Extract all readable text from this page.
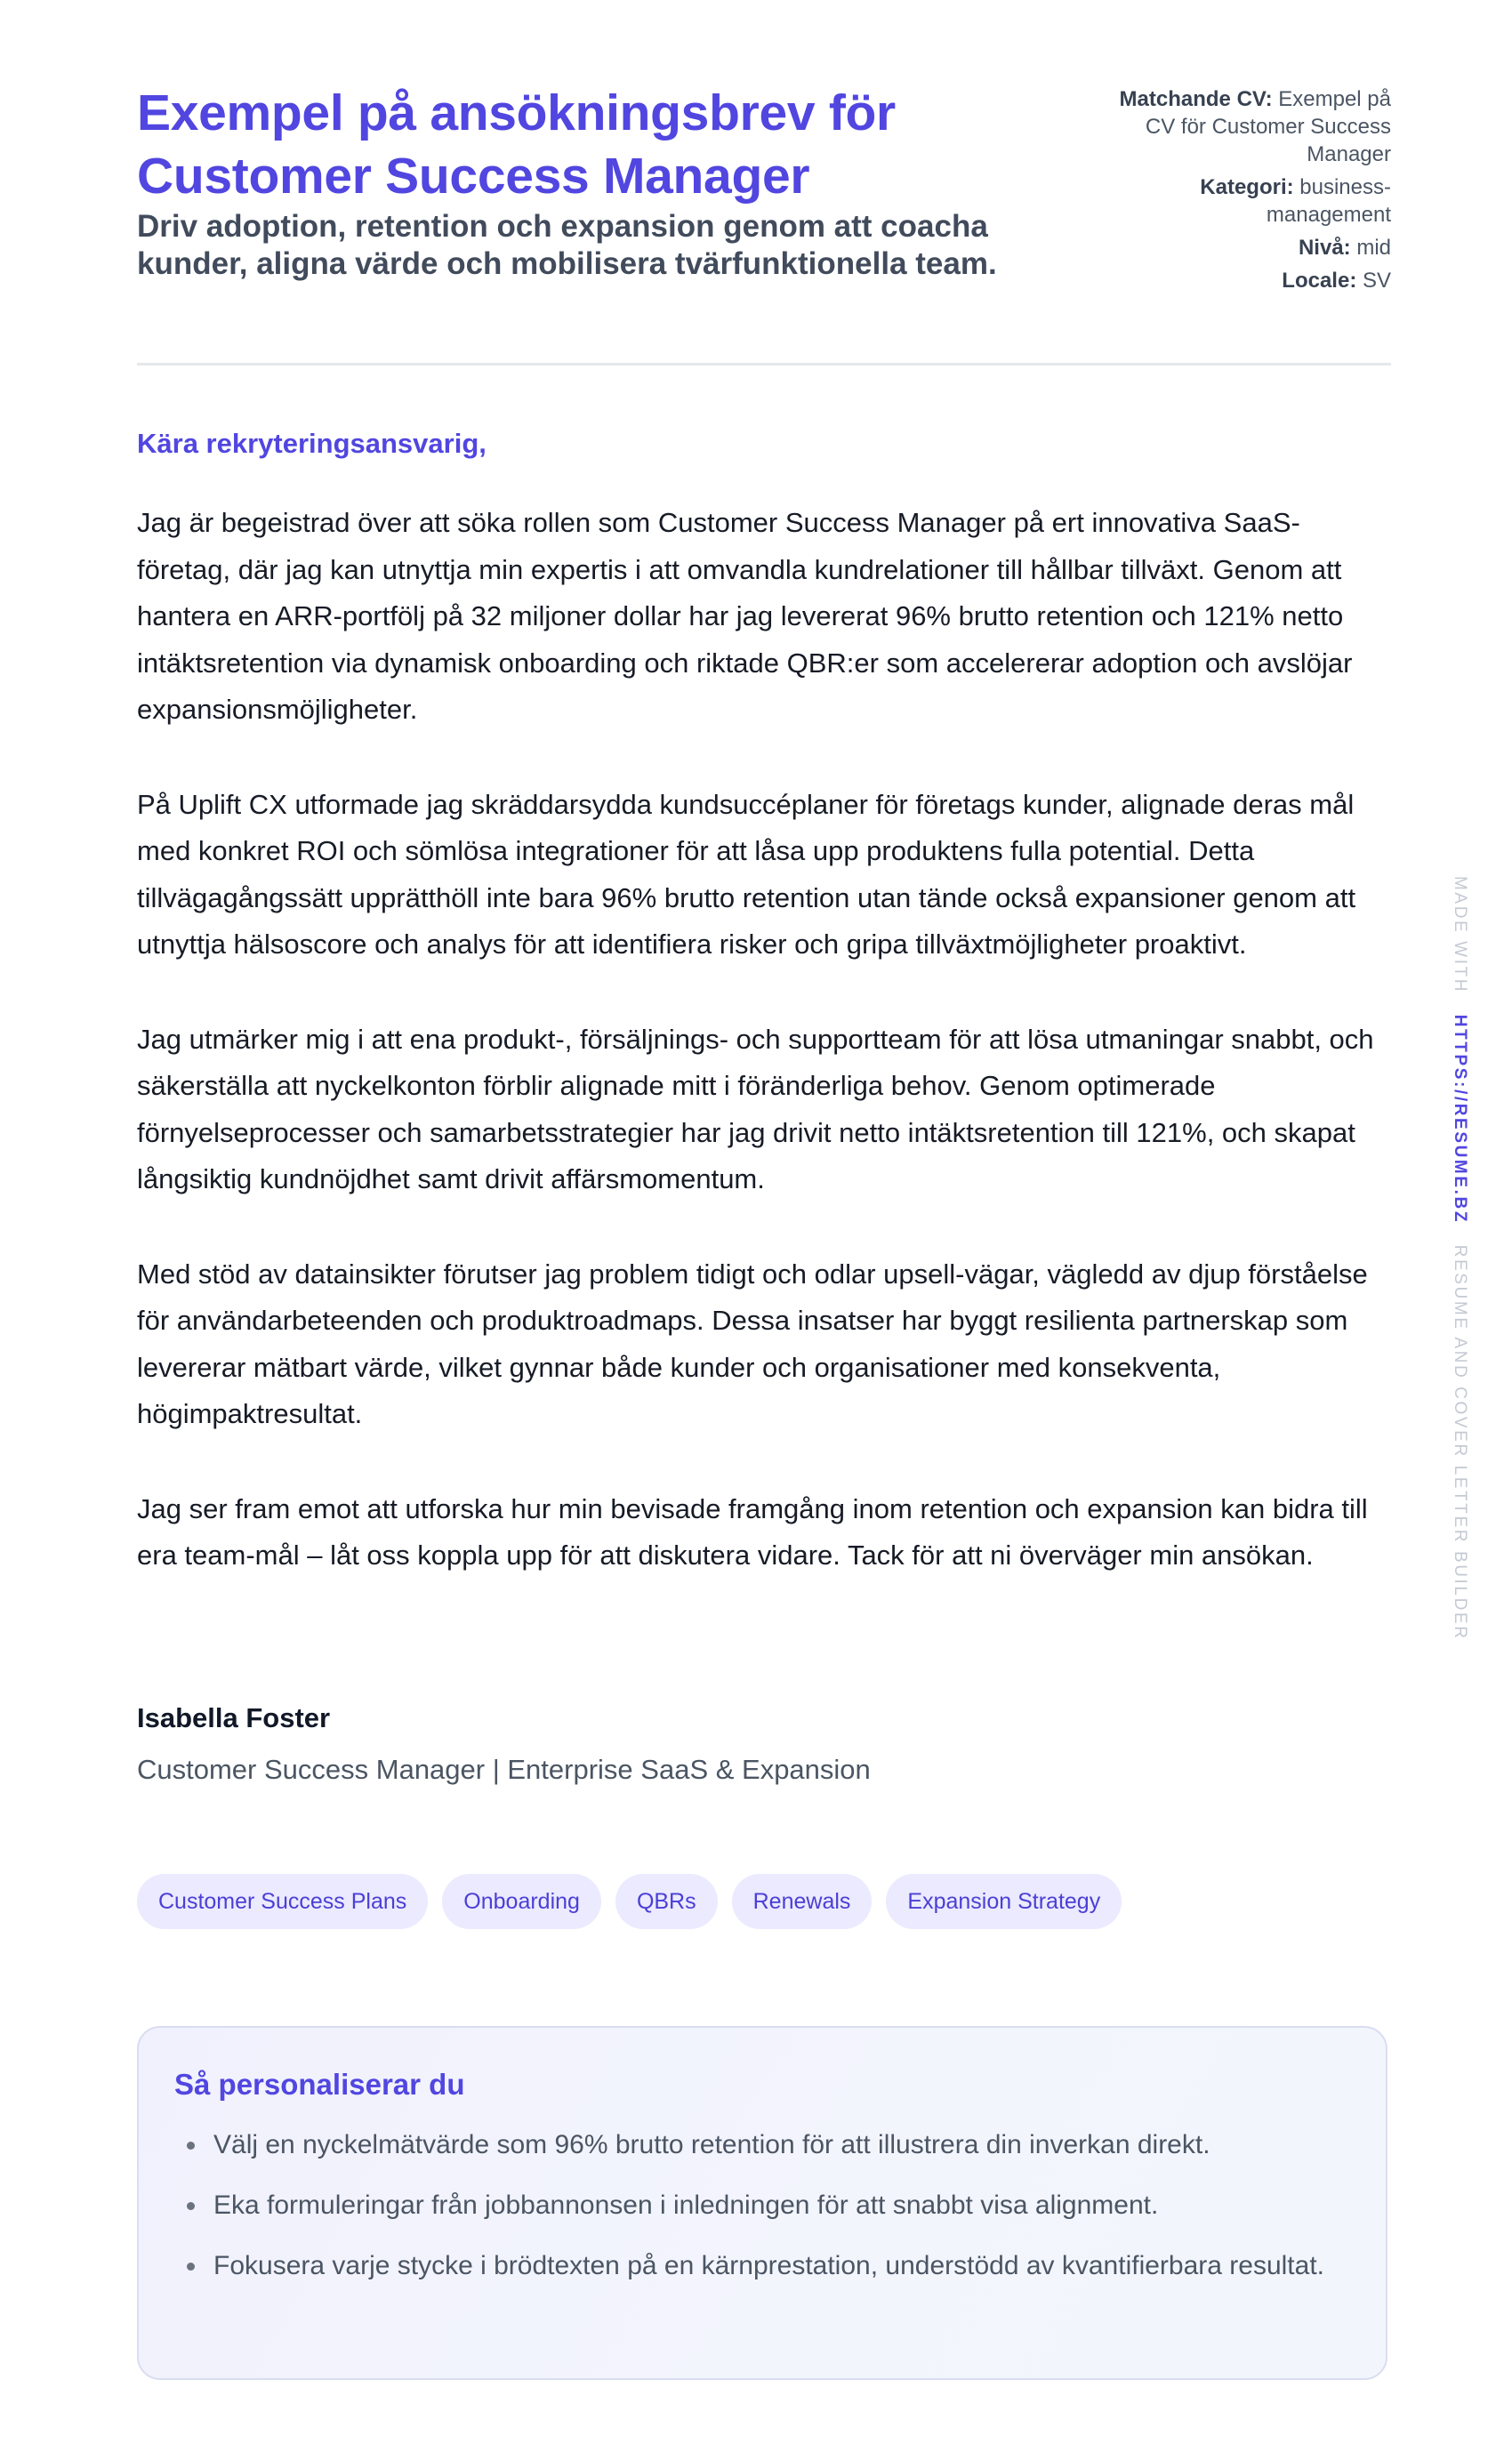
Exempel på ansökningsbrev för Customer Success Manager
Driv adoption, retention och expansion genom att coacha kunder, aligna värde och mobilisera tvärfunktionella team.
Matchande CV: Exempel på CV för Customer Success Manager
Kategori: business-management
Nivå: mid
Locale: SV
Kära rekryteringsansvarig,

Jag är begeistrad över att söka rollen som Customer Success Manager på ert innovativa SaaS-företag, där jag kan utnyttja min expertis i att omvandla kundrelationer till hållbar tillväxt. Genom att hantera en ARR-portfölj på 32 miljoner dollar har jag levererat 96% brutto retention och 121% netto intäktsretention via dynamisk onboarding och riktade QBR:er som accelererar adoption och avslöjar expansionsmöjligheter.

På Uplift CX utformade jag skräddarsydda kundsuccéplaner för företags kunder, alignade deras mål med konkret ROI och sömlösa integrationer för att låsa upp produktens fulla potential. Detta tillvägagångssätt upprätthöll inte bara 96% brutto retention utan tände också expansioner genom att utnyttja hälsoscore och analys för att identifiera risker och gripa tillväxtmöjligheter proaktivt.

Jag utmärker mig i att ena produkt-, försäljnings- och supportteam för att lösa utmaningar snabbt, och säkerställa att nyckelkonton förblir alignade mitt i föränderliga behov. Genom optimerade förnyelseprocesser och samarbetsstrategier har jag drivit netto intäktsretention till 121%, och skapat långsiktig kundnöjdhet samt drivit affärsmomentum.

Med stöd av datainsikter förutser jag problem tidigt och odlar upsell-vägar, vägledd av djup förståelse för användarbeteenden och produktroadmaps. Dessa insatser har byggt resilienta partnerskap som levererar mätbart värde, vilket gynnar både kunder och organisationer med konsekventa, högimpaktresultat.

Jag ser fram emot att utforska hur min bevisade framgång inom retention och expansion kan bidra till era team-mål – låt oss koppla upp för att diskutera vidare. Tack för att ni överväger min ansökan.

Isabella Foster
Customer Success Manager | Enterprise SaaS & Expansion
Customer Success Plans	Onboarding	QBRs	Renewals	Expansion Strategy
Så personaliserar du
• Välj en nyckelmätvärde som 96% brutto retention för att illustrera din inverkan direkt.
• Eka formuleringar från jobbannonsen i inledningen för att snabbt visa alignment.
• Fokusera varje stycke i brödtexten på en kärnprestation, understödd av kvantifierbara resultat.
MADE WITH   HTTPS://RESUME.BZ   RESUME AND COVER LETTER BUILDER
